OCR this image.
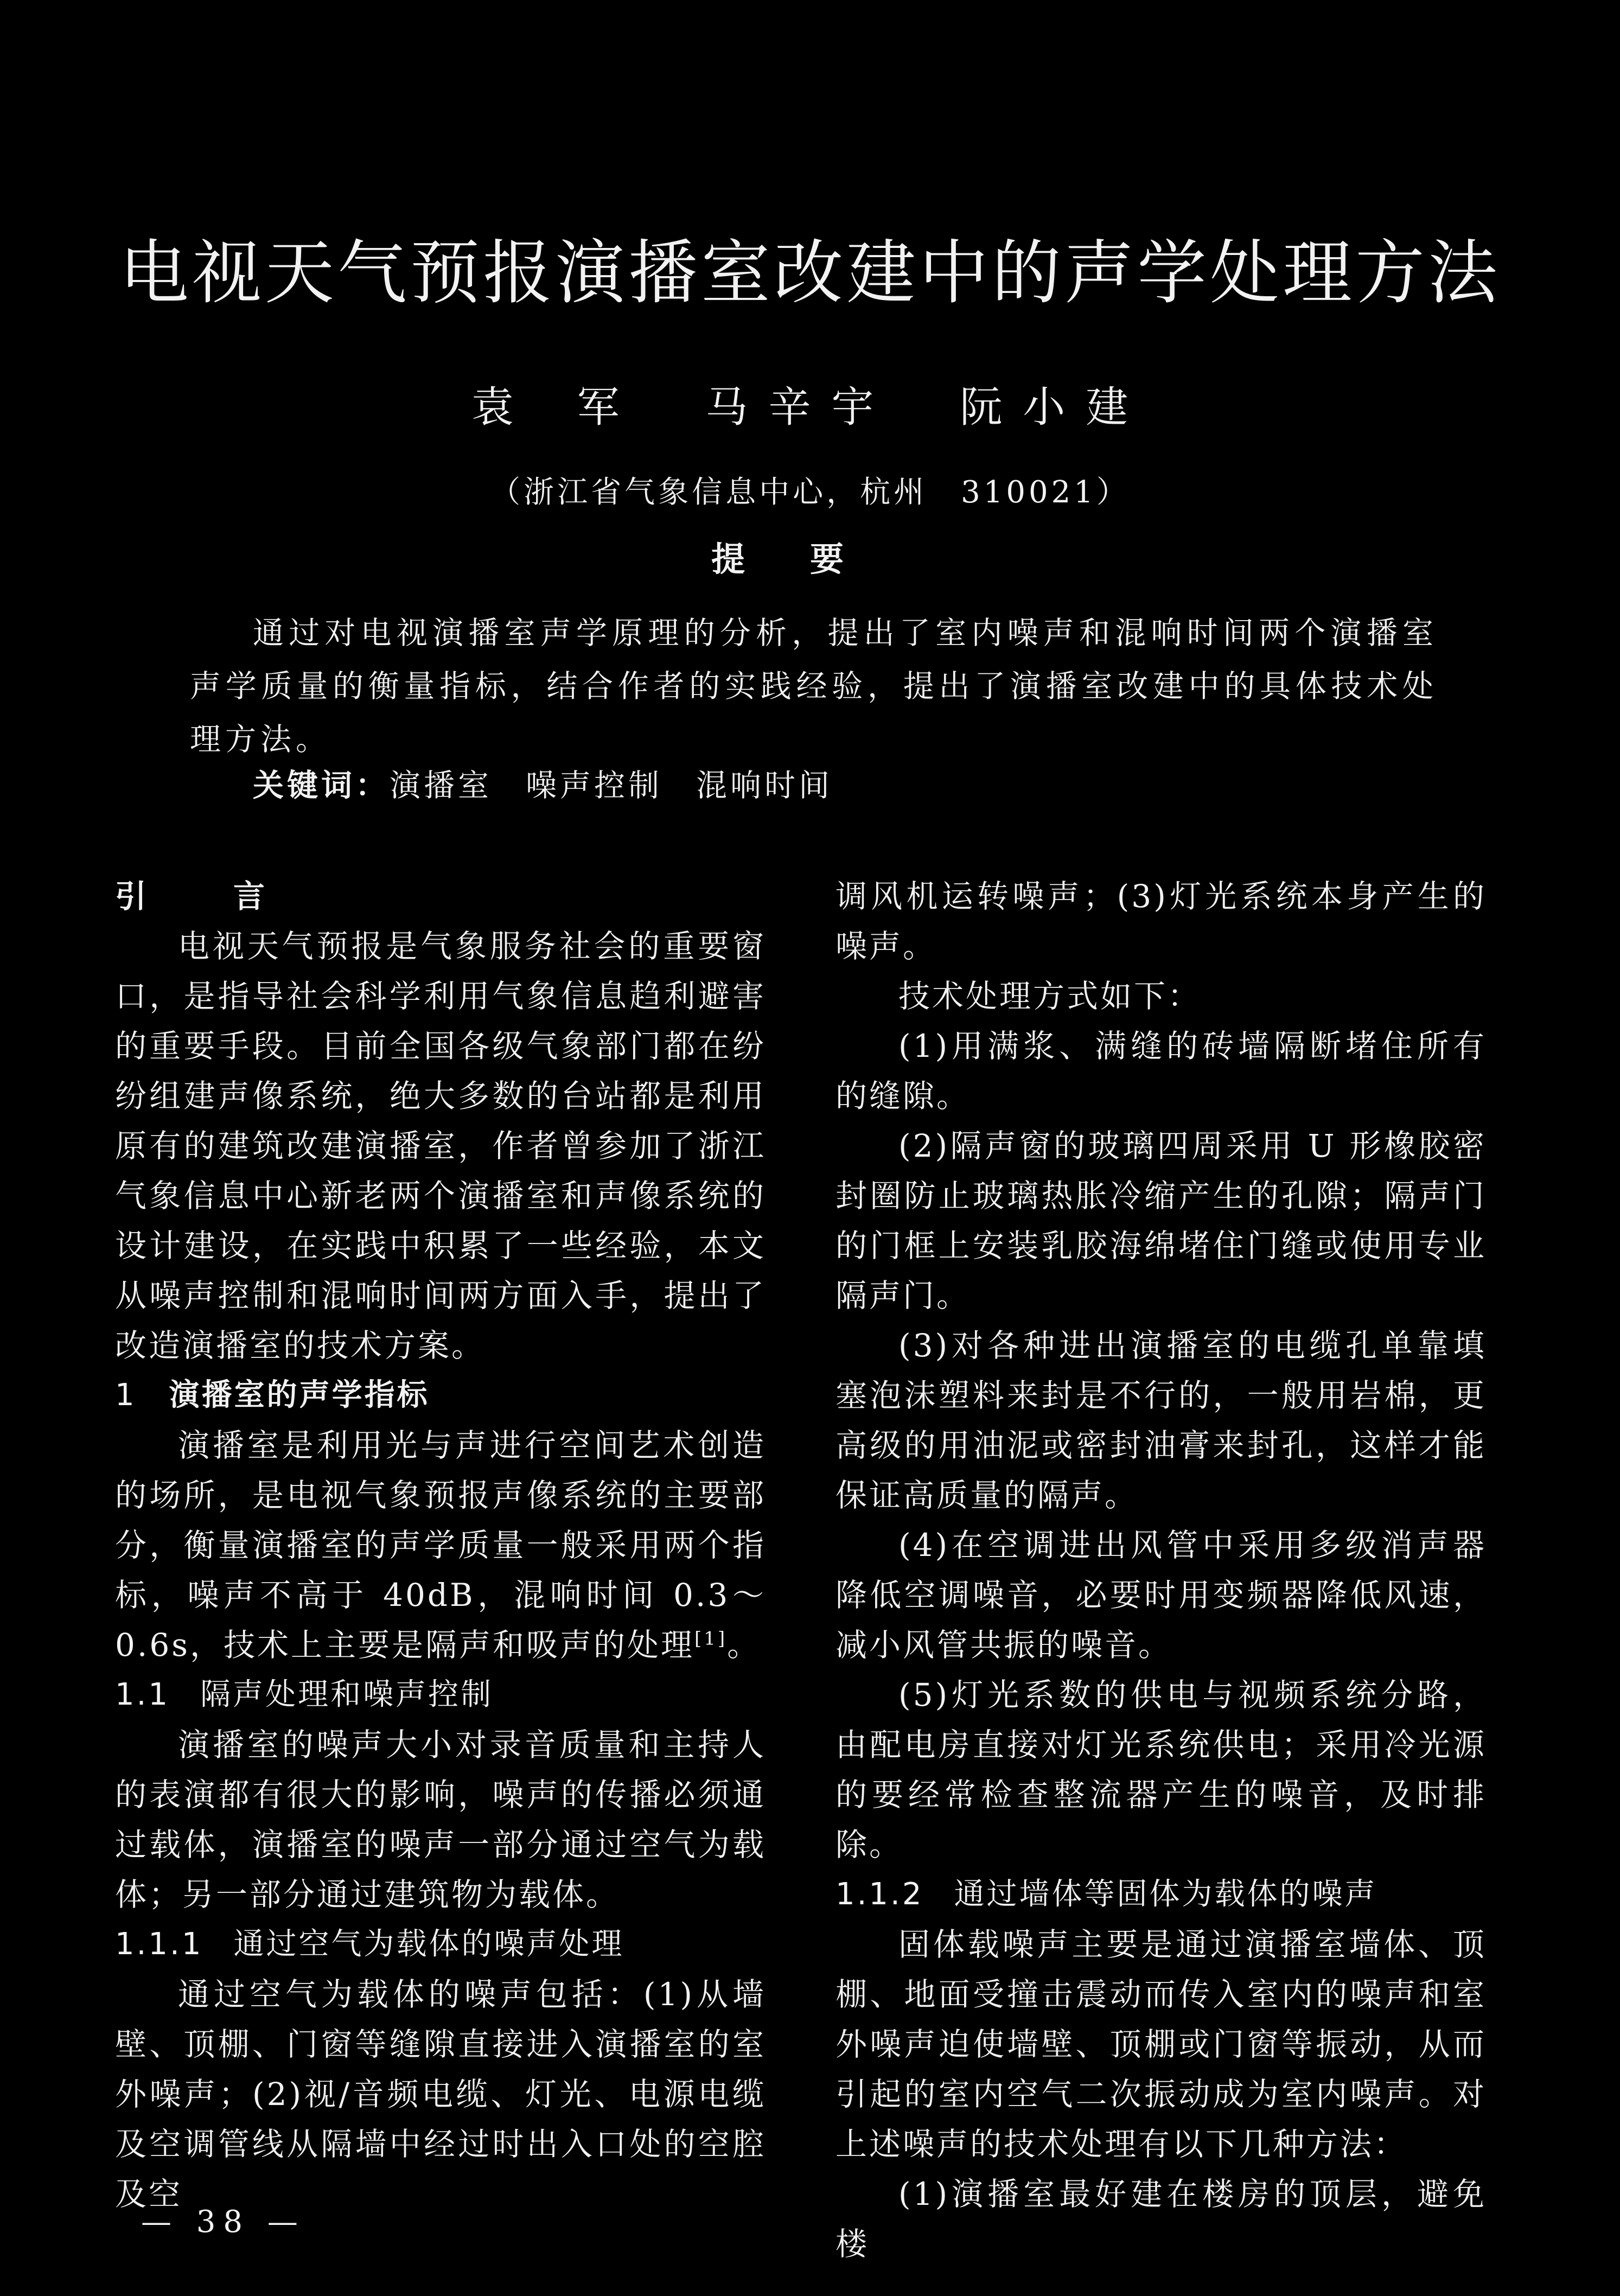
电视天气预报演播室改建中的声学处理方法
袁 军 马辛宇 阮小建
（浙江省气象信息中心，杭州　310021）
提要

通过对电视演播室声学原理的分析，提出了室内噪声和混响时间两个演播室声学质量的衡量指标，结合作者的实践经验，提出了演播室改建中的具体技术处理方法。

关键词：演播室 噪声控制 混响时间

引言

电视天气预报是气象服务社会的重要窗口，是指导社会科学利用气象信息趋利避害的重要手段。目前全国各级气象部门都在纷纷组建声像系统，绝大多数的台站都是利用原有的建筑改建演播室，作者曾参加了浙江气象信息中心新老两个演播室和声像系统的设计建设，在实践中积累了一些经验，本文从噪声控制和混响时间两方面入手，提出了改造演播室的技术方案。

1 演播室的声学指标

演播室是利用光与声进行空间艺术创造的场所，是电视气象预报声像系统的主要部分，衡量演播室的声学质量一般采用两个指标，噪声不高于 40dB，混响时间 0.3～0.6s，技术上主要是隔声和吸声的处理[1]。

1.1 隔声处理和噪声控制

演播室的噪声大小对录音质量和主持人的表演都有很大的影响，噪声的传播必须通过载体，演播室的噪声一部分通过空气为载体；另一部分通过建筑物为载体。

1.1.1 通过空气为载体的噪声处理

通过空气为载体的噪声包括：(1)从墙壁、顶棚、门窗等缝隙直接进入演播室的室外噪声；(2)视/音频电缆、灯光、电源电缆及空调管线从隔墙中经过时出入口处的空腔及空

调风机运转噪声；(3)灯光系统本身产生的噪声。

技术处理方式如下：

(1)用满浆、满缝的砖墙隔断堵住所有的缝隙。

(2)隔声窗的玻璃四周采用 U 形橡胶密封圈防止玻璃热胀冷缩产生的孔隙；隔声门的门框上安装乳胶海绵堵住门缝或使用专业隔声门。

(3)对各种进出演播室的电缆孔单靠填塞泡沫塑料来封是不行的，一般用岩棉，更高级的用油泥或密封油膏来封孔，这样才能保证高质量的隔声。

(4)在空调进出风管中采用多级消声器降低空调噪音，必要时用变频器降低风速，减小风管共振的噪音。

(5)灯光系数的供电与视频系统分路，由配电房直接对灯光系统供电；采用冷光源的要经常检查整流器产生的噪音，及时排除。

1.1.2 通过墙体等固体为载体的噪声

固体载噪声主要是通过演播室墙体、顶棚、地面受撞击震动而传入室内的噪声和室外噪声迫使墙壁、顶棚或门窗等振动，从而引起的室内空气二次振动成为室内噪声。对上述噪声的技术处理有以下几种方法：

(1)演播室最好建在楼房的顶层，避免楼

— 38 —
